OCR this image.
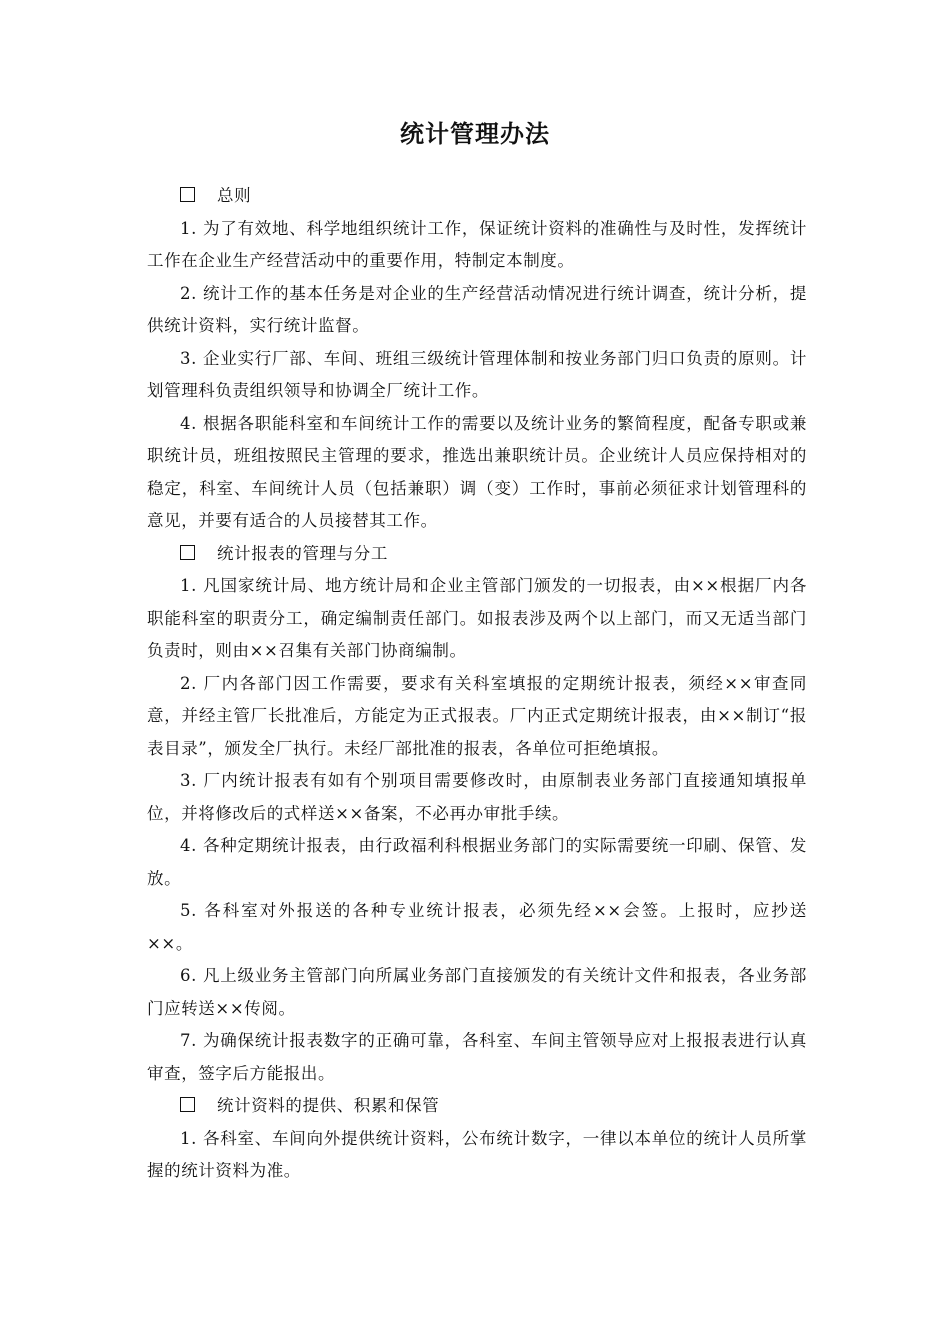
统计管理办法

总则

1. 为了有效地、科学地组织统计工作，保证统计资料的准确性与及时性，发挥统计工作在企业生产经营活动中的重要作用，特制定本制度。

2. 统计工作的基本任务是对企业的生产经营活动情况进行统计调查，统计分析，提供统计资料，实行统计监督。

3. 企业实行厂部、车间、班组三级统计管理体制和按业务部门归口负责的原则。计划管理科负责组织领导和协调全厂统计工作。

4. 根据各职能科室和车间统计工作的需要以及统计业务的繁简程度，配备专职或兼职统计员，班组按照民主管理的要求，推选出兼职统计员。企业统计人员应保持相对的稳定，科室、车间统计人员（包括兼职）调（变）工作时，事前必须征求计划管理科的意见，并要有适合的人员接替其工作。

统计报表的管理与分工

1. 凡国家统计局、地方统计局和企业主管部门颁发的一切报表，由××根据厂内各职能科室的职责分工，确定编制责任部门。如报表涉及两个以上部门，而又无适当部门负责时，则由××召集有关部门协商编制。

2. 厂内各部门因工作需要，要求有关科室填报的定期统计报表，须经××审查同意，并经主管厂长批准后，方能定为正式报表。厂内正式定期统计报表，由××制订“报表目录”，颁发全厂执行。未经厂部批准的报表，各单位可拒绝填报。

3. 厂内统计报表有如有个别项目需要修改时，由原制表业务部门直接通知填报单位，并将修改后的式样送××备案，不必再办审批手续。

4. 各种定期统计报表，由行政福利科根据业务部门的实际需要统一印刷、保管、发放。

5. 各科室对外报送的各种专业统计报表，必须先经××会签。上报时，应抄送××。

6. 凡上级业务主管部门向所属业务部门直接颁发的有关统计文件和报表，各业务部门应转送××传阅。

7. 为确保统计报表数字的正确可靠，各科室、车间主管领导应对上报报表进行认真审查，签字后方能报出。

统计资料的提供、积累和保管

1. 各科室、车间向外提供统计资料，公布统计数字，一律以本单位的统计人员所掌握的统计资料为准。
